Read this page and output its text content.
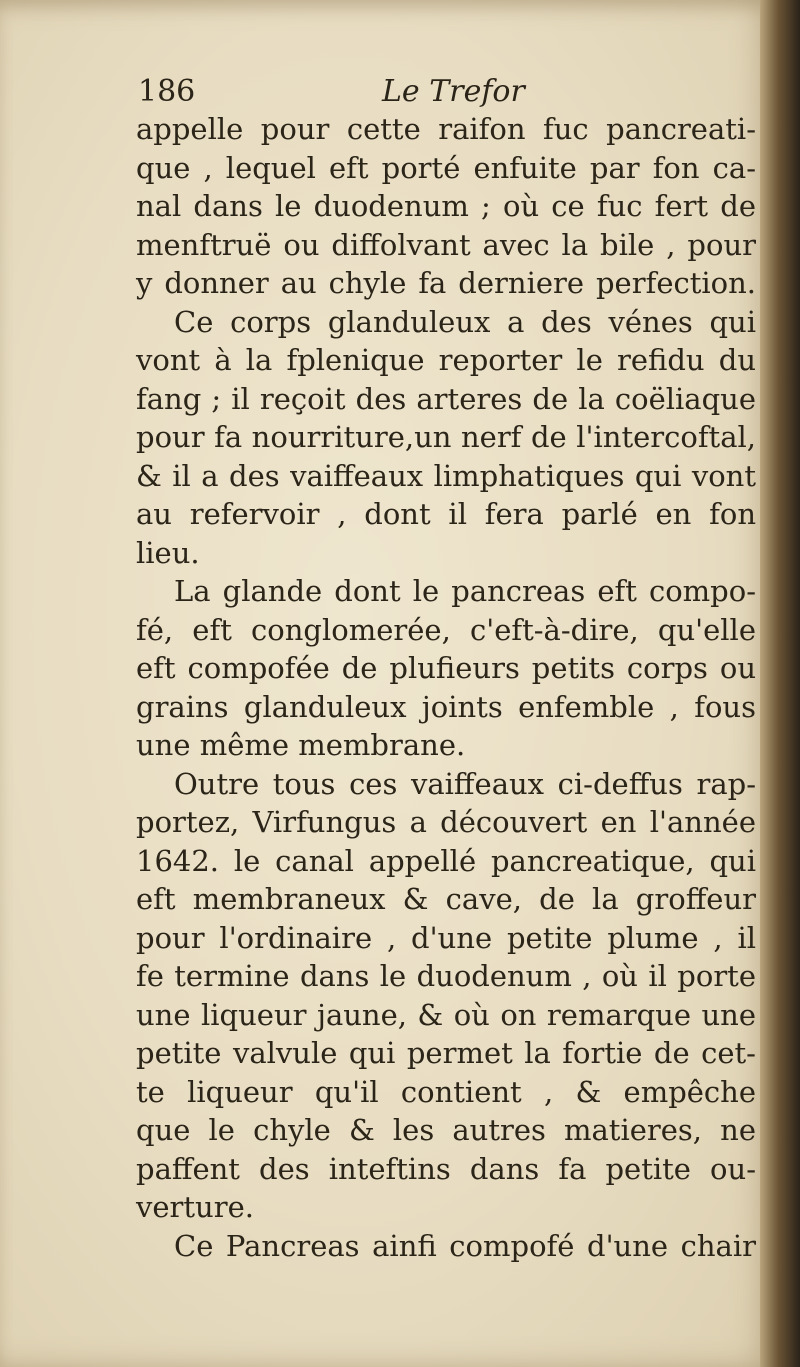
186	Le Trefor
appelle pour cette raifon fuc pancreati-
que , lequel eft porté enfuite par fon ca-
nal dans le duodenum ; où ce fuc fert de
menftruë ou diffolvant avec la bile , pour
y donner au chyle fa derniere perfection.
Ce corps glanduleux a des vénes qui
vont à la fplenique reporter le refidu du
fang ; il reçoit des arteres de la coëliaque
pour fa nourriture,un nerf de l'intercoftal,
& il a des vaiffeaux limphatiques qui vont
au refervoir , dont il fera parlé en fon
lieu.
La glande dont le pancreas eft compo-
fé, eft conglomerée, c'eft-à-dire, qu'elle
eft compofée de plufieurs petits corps ou
grains glanduleux joints enfemble , fous
une même membrane.
Outre tous ces vaiffeaux ci-deffus rap-
portez, Virfungus a découvert en l'année
1642. le canal appellé pancreatique, qui
eft membraneux & cave, de la groffeur
pour l'ordinaire , d'une petite plume , il
fe termine dans le duodenum , où il porte
une liqueur jaune, & où on remarque une
petite valvule qui permet la fortie de cet-
te liqueur qu'il contient , & empêche
que le chyle & les autres matieres, ne
paffent des inteftins dans fa petite ou-
verture.
Ce Pancreas ainfi compofé d'une chair
